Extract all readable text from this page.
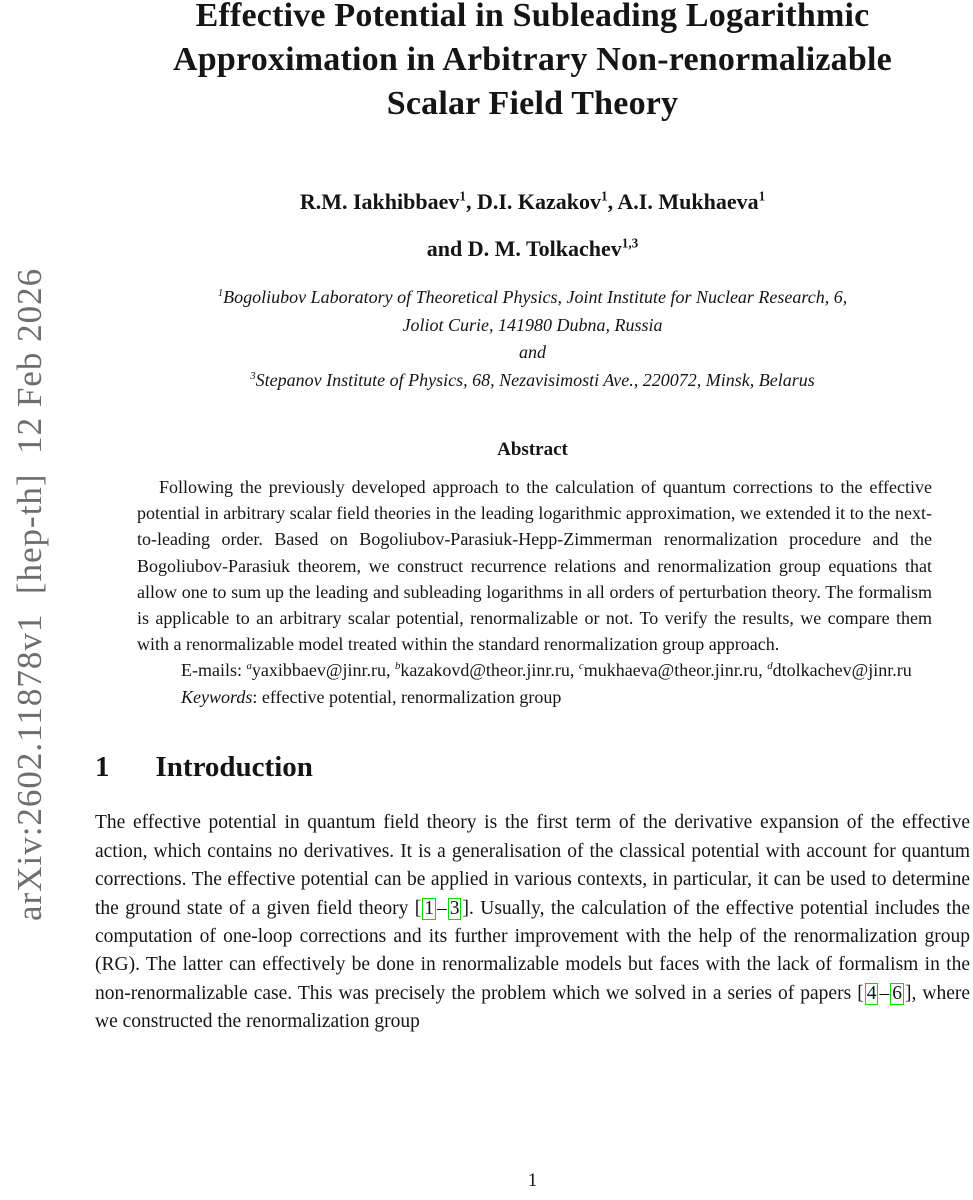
arXiv:2602.11878v1  [hep-th]  12 Feb 2026
Effective Potential in Subleading Logarithmic
Approximation in Arbitrary Non-renormalizable
Scalar Field Theory
R.M. Iakhibbaev$^1$, D.I. Kazakov$^1$, A.I. Mukhaeva$^1$
and D. M. Tolkachev$^{1,3}$
$^1$Bogoliubov Laboratory of Theoretical Physics, Joint Institute for Nuclear Research, 6,
Joliot Curie, 141980 Dubna, Russia
and
$^3$Stepanov Institute of Physics, 68, Nezavisimosti Ave., 220072, Minsk, Belarus
Abstract

Following the previously developed approach to the calculation of quantum corrections to the effective potential in arbitrary scalar field theories in the leading logarithmic approximation, we extended it to the next-to-leading order. Based on Bogoliubov-Parasiuk-Hepp-Zimmerman renormalization procedure and the Bogoliubov-Parasiuk theorem, we construct recurrence relations and renormalization group equations that allow one to sum up the leading and subleading logarithms in all orders of perturbation theory. The formalism is applicable to an arbitrary scalar potential, renormalizable or not. To verify the results, we compare them with a renormalizable model treated within the standard renormalization group approach.

E-mails: $^a$yaxibbaev@jinr.ru, $^b$kazakovd@theor.jinr.ru, $^c$mukhaeva@theor.jinr.ru, $^d$dtolkachev@jinr.ru
Keywords: effective potential, renormalization group
1 Introduction

The effective potential in quantum field theory is the first term of the derivative expansion of the effective action, which contains no derivatives. It is a generalisation of the classical potential with account for quantum corrections. The effective potential can be applied in various contexts, in particular, it can be used to determine the ground state of a given field theory [ 1 – 3 ]. Usually, the calculation of the effective potential includes the computation of one-loop corrections and its further improvement with the help of the renormalization group (RG). The latter can effectively be done in renormalizable models but faces with the lack of formalism in the non-renormalizable case. This was precisely the problem which we solved in a series of papers [ 4 – 6 ], where we constructed the renormalization group

1
